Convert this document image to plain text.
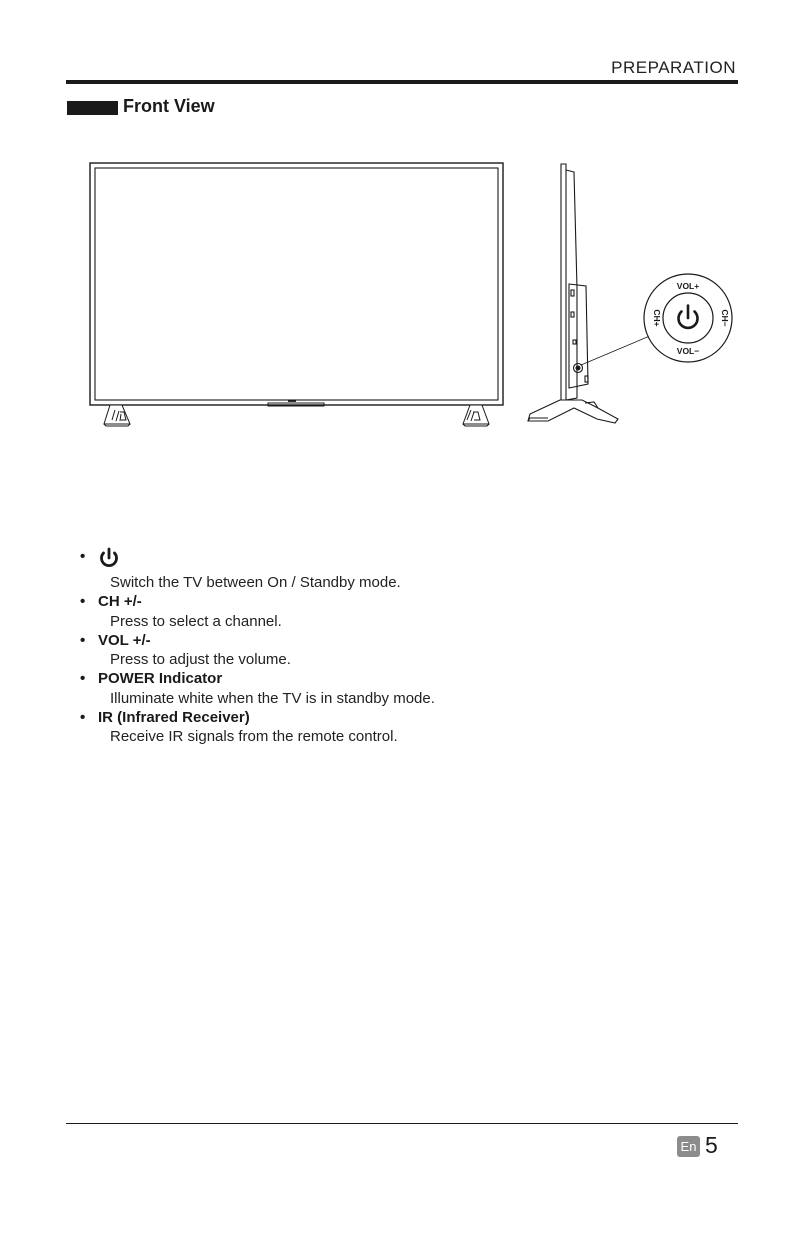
PREPARATION
Front View
VOL+
VOL−
CH+	CH−
•
Switch the TV between On / Standby mode.
• CH +/-
Press to select a channel.
• VOL +/-
Press to adjust the volume.
• POWER Indicator
Illuminate white when the TV is in standby mode.
• IR (Infrared Receiver)
Receive IR signals from the remote control.
En 5
